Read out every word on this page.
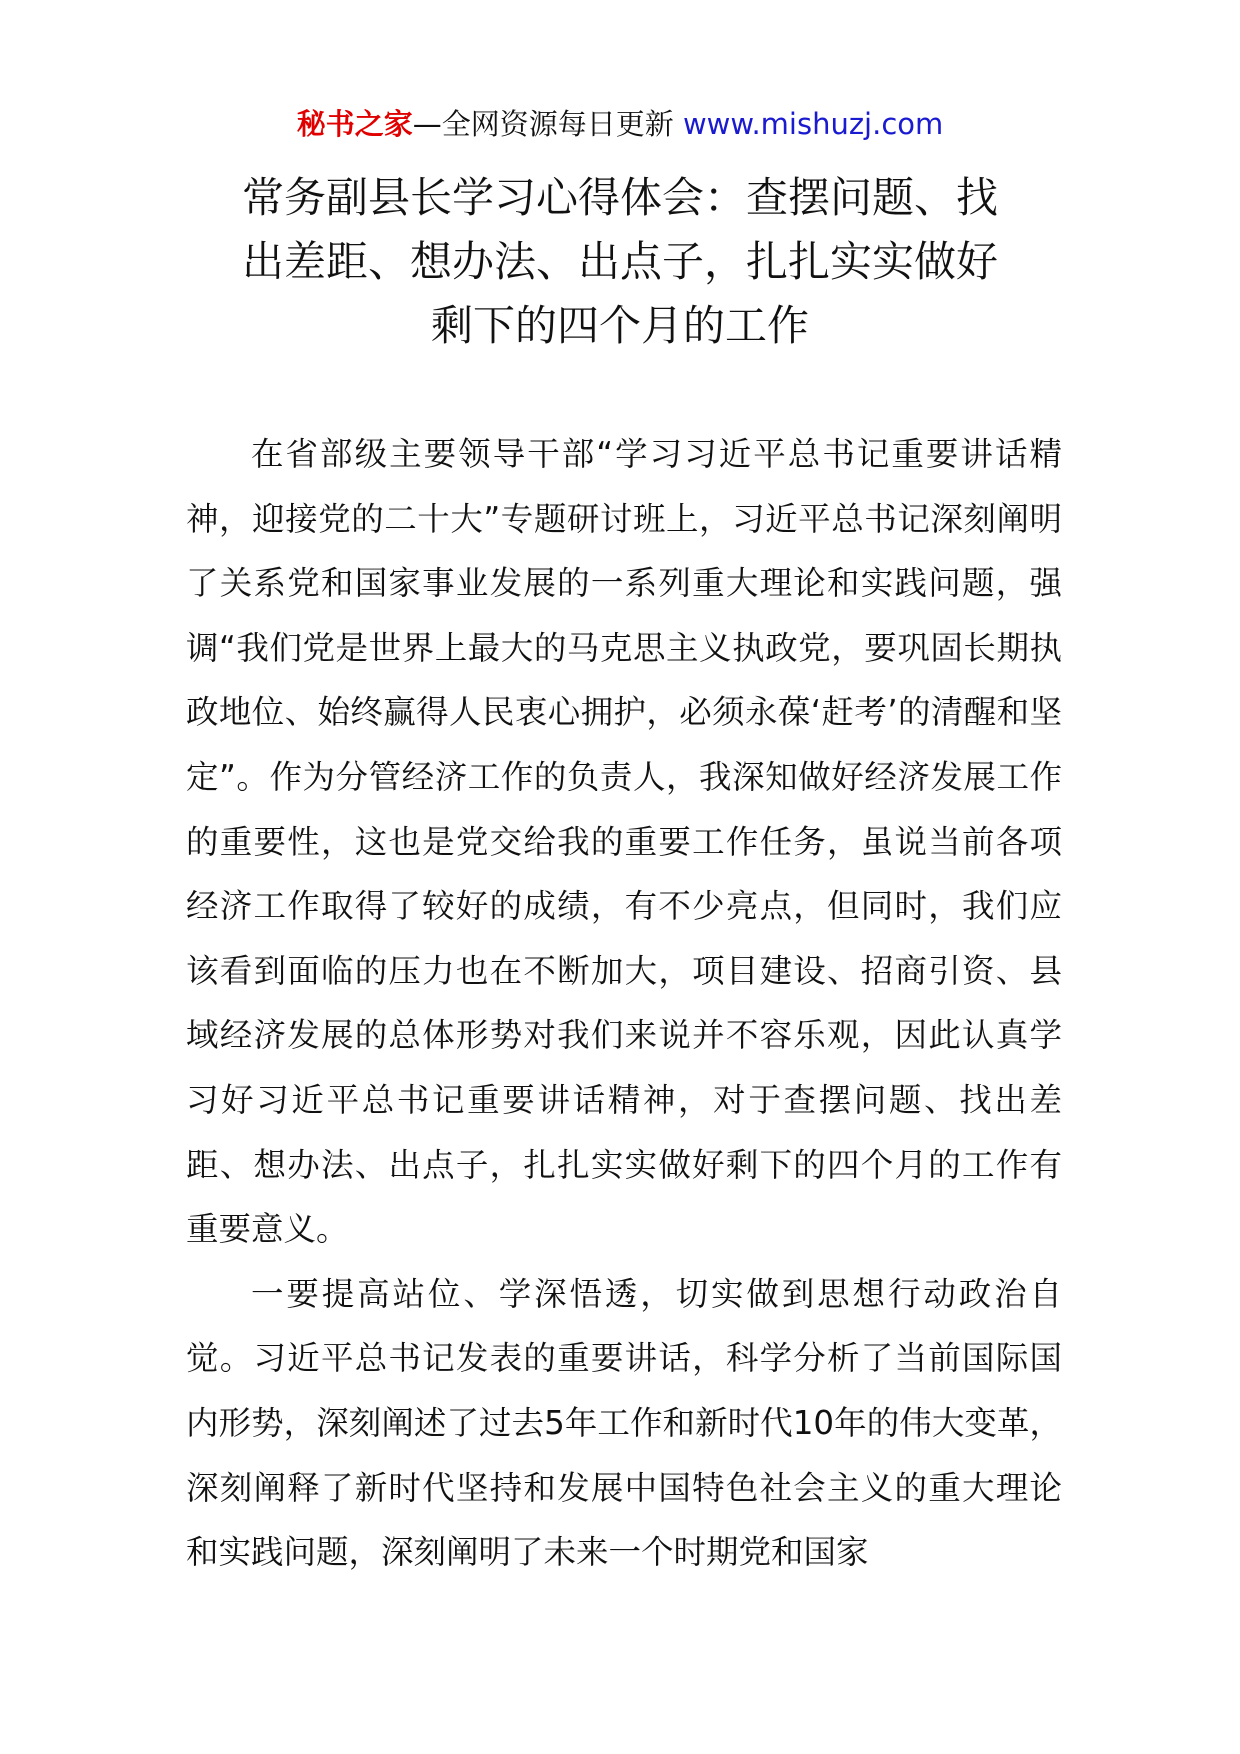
秘书之家—全网资源每日更新 www.mishuzj.com
常务副县长学习心得体会：查摆问题、找
出差距、想办法、出点子，扎扎实实做好
剩下的四个月的工作

在省部级主要领导干部“学习习近平总书记重要讲话精神，迎接党的二十大”专题研讨班上，习近平总书记深刻阐明了关系党和国家事业发展的一系列重大理论和实践问题，强调“我们党是世界上最大的马克思主义执政党，要巩固长期执政地位、始终赢得人民衷心拥护，必须永葆‘赶考’的清醒和坚定”。作为分管经济工作的负责人，我深知做好经济发展工作的重要性，这也是党交给我的重要工作任务，虽说当前各项经济工作取得了较好的成绩，有不少亮点，但同时，我们应该看到面临的压力也在不断加大，项目建设、招商引资、县域经济发展的总体形势对我们来说并不容乐观，因此认真学习好习近平总书记重要讲话精神，对于查摆问题、找出差距、想办法、出点子，扎扎实实做好剩下的四个月的工作有重要意义。

一要提高站位、学深悟透，切实做到思想行动政治自觉。习近平总书记发表的重要讲话，科学分析了当前国际国内形势，深刻阐述了过去5年工作和新时代10年的伟大变革，深刻阐释了新时代坚持和发展中国特色社会主义的重大理论和实践问题，深刻阐明了未来一个时期党和国家
